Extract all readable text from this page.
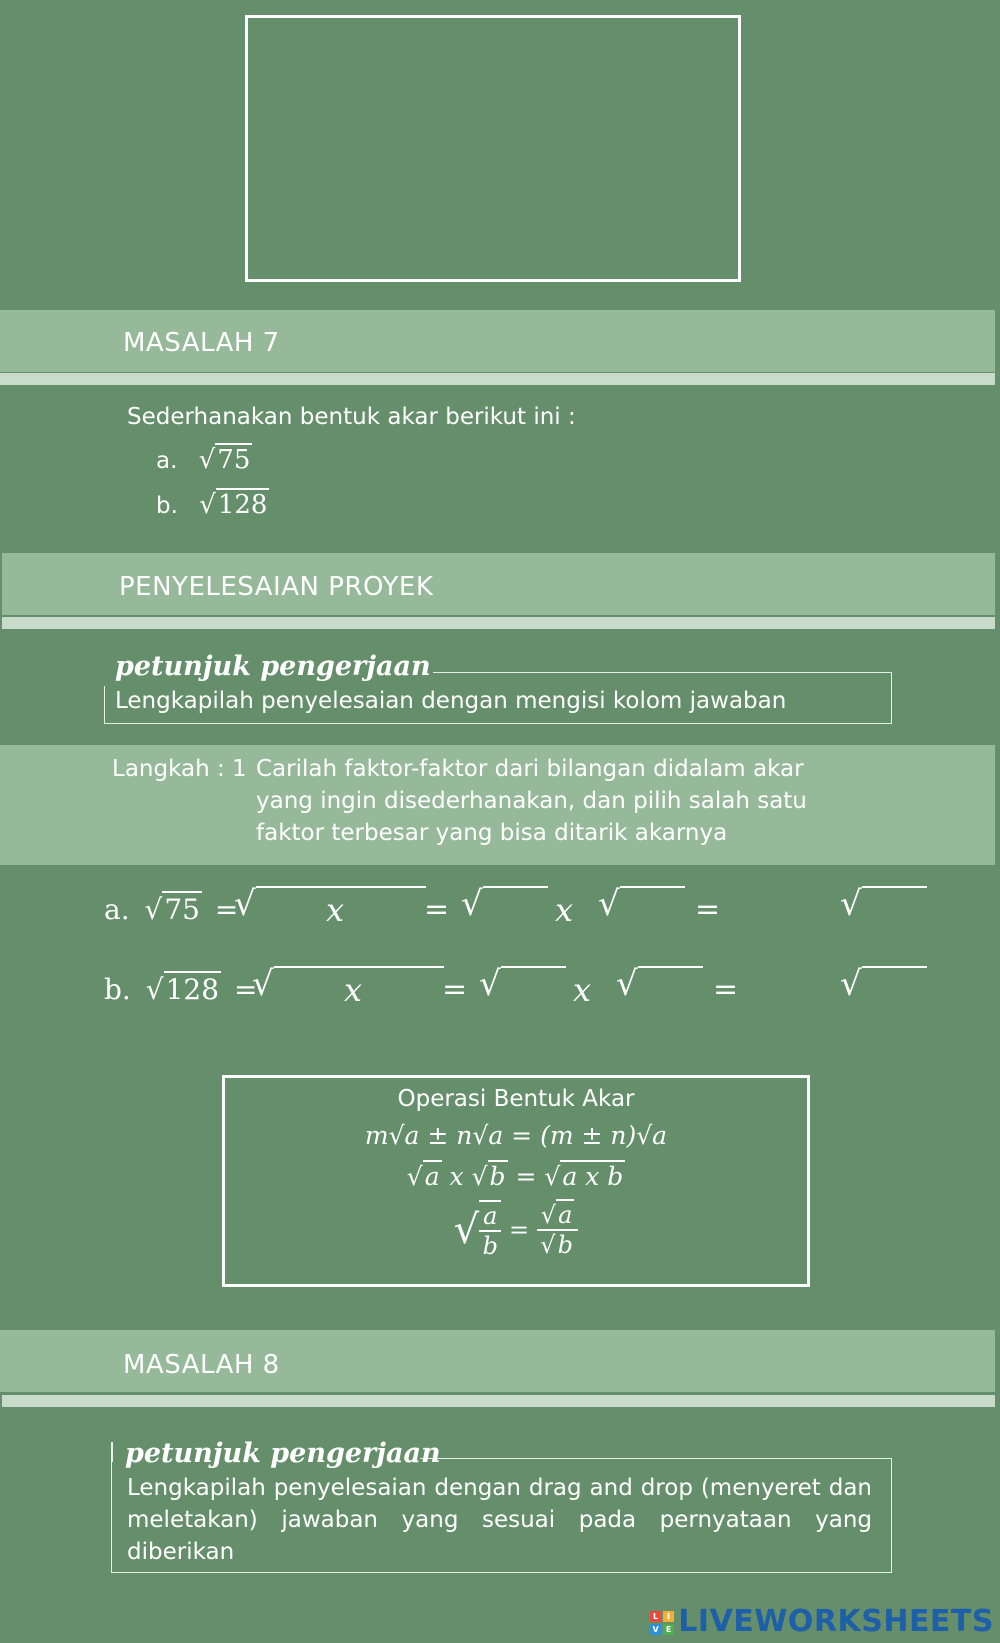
MASALAH 7
Sederhanakan bentuk akar berikut ini :
a. √75
b. √128
PENYELESAIAN PROYEK
petunjuk pengerjaan
Lengkapilah penyelesaian dengan mengisi kolom jawaban
Langkah : 1 Carilah faktor-faktor dari bilangan didalam akar
yang ingin disederhanakan, dan pilih salah satu
faktor terbesar yang bisa ditarik akarnya
a. √75 =
√ x	= √ x √	=	√
b. √128 =
√ x	= √ x √	=	√
Operasi Bentuk Akar
m√a ± n√a = (m ± n)√a
√a x √b = √a x b
√ $\frac{a}{b} = \frac{√a}{√b}$
MASALAH 8
petunjuk pengerjaan
Lengkapilah penyelesaian dengan drag and drop (menyeret dan meletakan) jawaban yang sesuai pada pernyataan yang diberikan
L	I
V E LIVEWORKSHEETS
